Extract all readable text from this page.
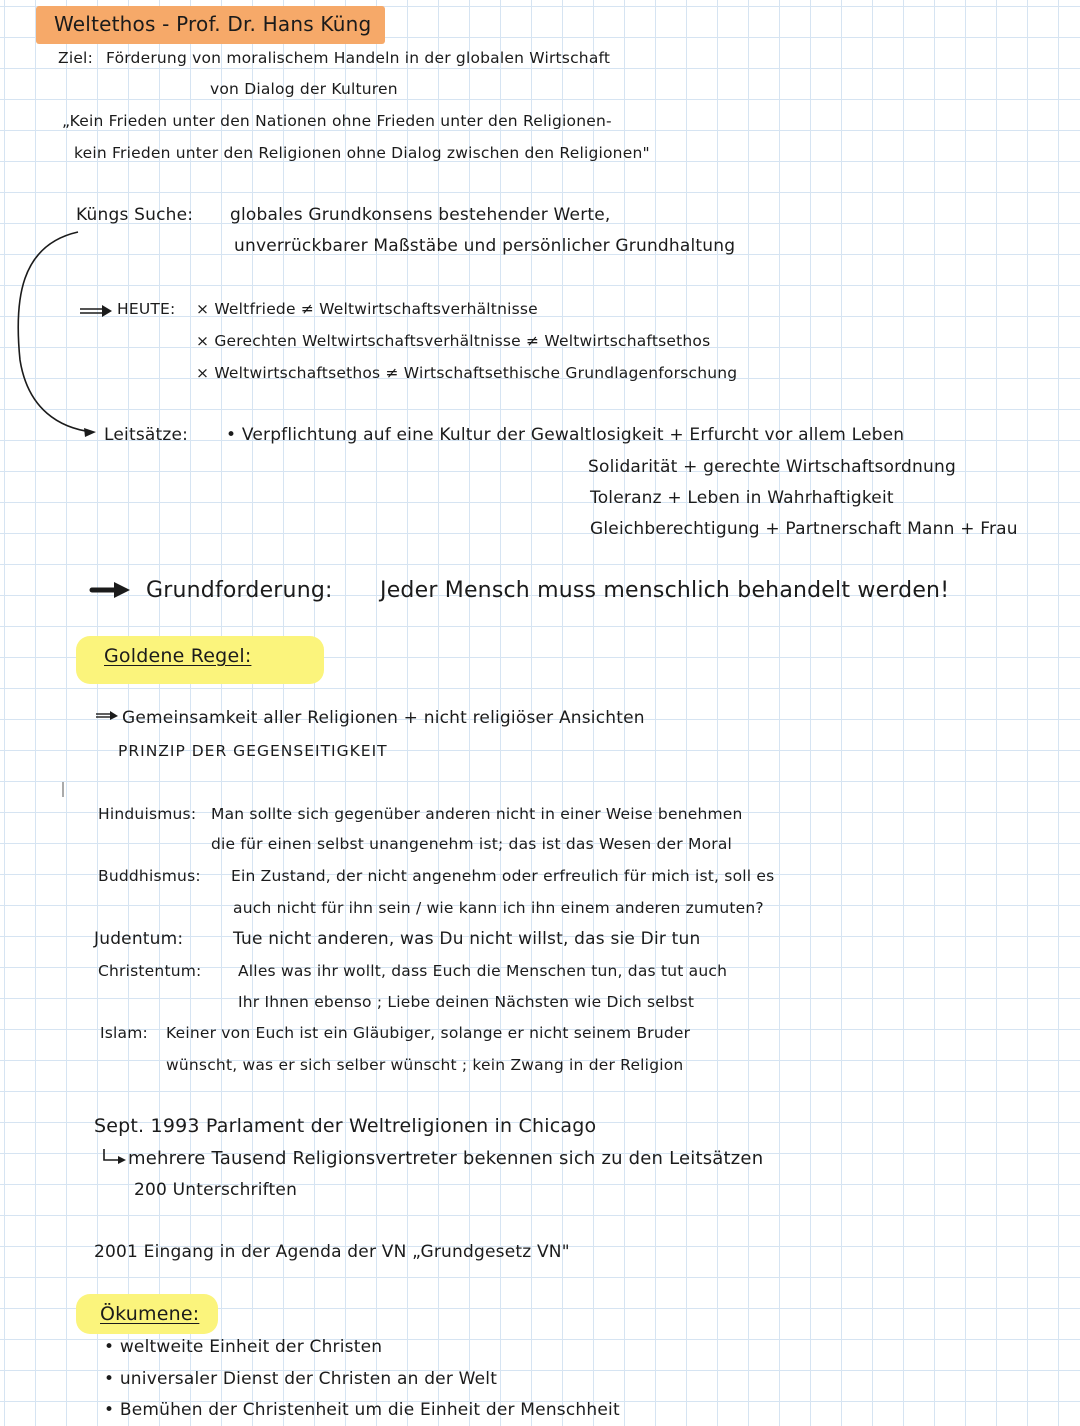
Weltethos - Prof. Dr. Hans Küng
Ziel: Förderung von moralischem Handeln in der globalen Wirtschaft
von Dialog der Kulturen
„Kein Frieden unter den Nationen ohne Frieden unter den Religionen-
kein Frieden unter den Religionen ohne Dialog zwischen den Religionen"
Küngs Suche: globales Grundkonsens bestehender Werte,
unverrückbarer Maßstäbe und persönlicher Grundhaltung
HEUTE: × Weltfriede ≠ Weltwirtschaftsverhältnisse
× Gerechten Weltwirtschaftsverhältnisse ≠ Weltwirtschaftsethos
× Weltwirtschaftsethos ≠ Wirtschaftsethische Grundlagenforschung
Leitsätze: • Verpflichtung auf eine Kultur der Gewaltlosigkeit + Erfurcht vor allem Leben
Solidarität + gerechte Wirtschaftsordnung
Toleranz + Leben in Wahrhaftigkeit
Gleichberechtigung + Partnerschaft Mann + Frau
Grundforderung: Jeder Mensch muss menschlich behandelt werden!
Goldene Regel:
Gemeinsamkeit aller Religionen + nicht religiöser Ansichten
PRINZIP DER GEGENSEITIGKEIT
Hinduismus: Man sollte sich gegenüber anderen nicht in einer Weise benehmen
die für einen selbst unangenehm ist; das ist das Wesen der Moral
Buddhismus: Ein Zustand, der nicht angenehm oder erfreulich für mich ist, soll es
auch nicht für ihn sein / wie kann ich ihn einem anderen zumuten?
Judentum:	Tue nicht anderen, was Du nicht willst, das sie Dir tun
Christentum: Alles was ihr wollt, dass Euch die Menschen tun, das tut auch
Ihr Ihnen ebenso ; Liebe deinen Nächsten wie Dich selbst
Islam: Keiner von Euch ist ein Gläubiger, solange er nicht seinem Bruder
wünscht, was er sich selber wünscht ; kein Zwang in der Religion
Sept. 1993 Parlament der Weltreligionen in Chicago
mehrere Tausend Religionsvertreter bekennen sich zu den Leitsätzen
200 Unterschriften
2001 Eingang in der Agenda der VN „Grundgesetz VN"
Ökumene:
• weltweite Einheit der Christen
• universaler Dienst der Christen an der Welt
• Bemühen der Christenheit um die Einheit der Menschheit
